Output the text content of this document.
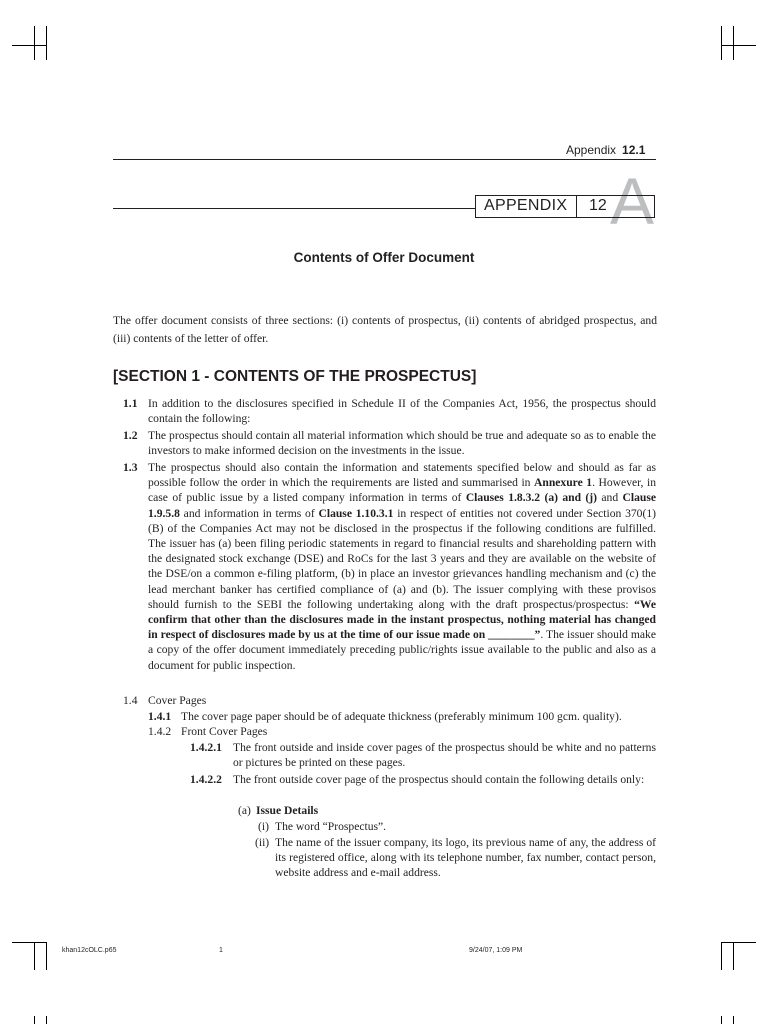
Appendix 12.1
A
APPENDIX 12
Contents of Offer Document
The offer document consists of three sections: (i) contents of prospectus, (ii) contents of abridged prospectus, and (iii) contents of the letter of offer.
[SECTION 1 - CONTENTS OF THE PROSPECTUS]
1.1 In addition to the disclosures specified in Schedule II of the Companies Act, 1956, the prospectus should contain the following:
1.2 The prospectus should contain all material information which should be true and adequate so as to enable the investors to make informed decision on the investments in the issue.
1.3 The prospectus should also contain the information and statements specified below and should as far as possible follow the order in which the requirements are listed and summarised in Annexure 1. However, in case of public issue by a listed company information in terms of Clauses 1.8.3.2 (a) and (j) and Clause 1.9.5.8 and information in terms of Clause 1.10.3.1 in respect of entities not covered under Section 370(1)(B) of the Companies Act may not be disclosed in the prospectus if the following conditions are fulfilled. The issuer has (a) been filing periodic statements in regard to financial results and shareholding pattern with the designated stock exchange (DSE) and RoCs for the last 3 years and they are available on the website of the DSE/on a common e-filing platform, (b) in place an investor grievances handling mechanism and (c) the lead merchant banker has certified compliance of (a) and (b). The issuer complying with these provisos should furnish to the SEBI the following undertaking along with the draft prospectus/prospectus: “We confirm that other than the disclosures made in the instant prospectus, nothing material has changed in respect of disclosures made by us at the time of our issue made on ________”. The issuer should make a copy of the offer document immediately preceding public/rights issue available to the public and also as a document for public inspection.
1.4 Cover Pages
1.4.1 The cover page paper should be of adequate thickness (preferably minimum 100 gcm. quality).
1.4.2 Front Cover Pages
1.4.2.1 The front outside and inside cover pages of the prospectus should be white and no patterns or pictures be printed on these pages.
1.4.2.2 The front outside cover page of the prospectus should contain the following details only:
(a) Issue Details
(i) The word “Prospectus”.
(ii) The name of the issuer company, its logo, its previous name of any, the address of its registered office, along with its telephone number, fax number, contact person, website address and e-mail address.
khan12cOLC.p65	1	9/24/07, 1:09 PM
